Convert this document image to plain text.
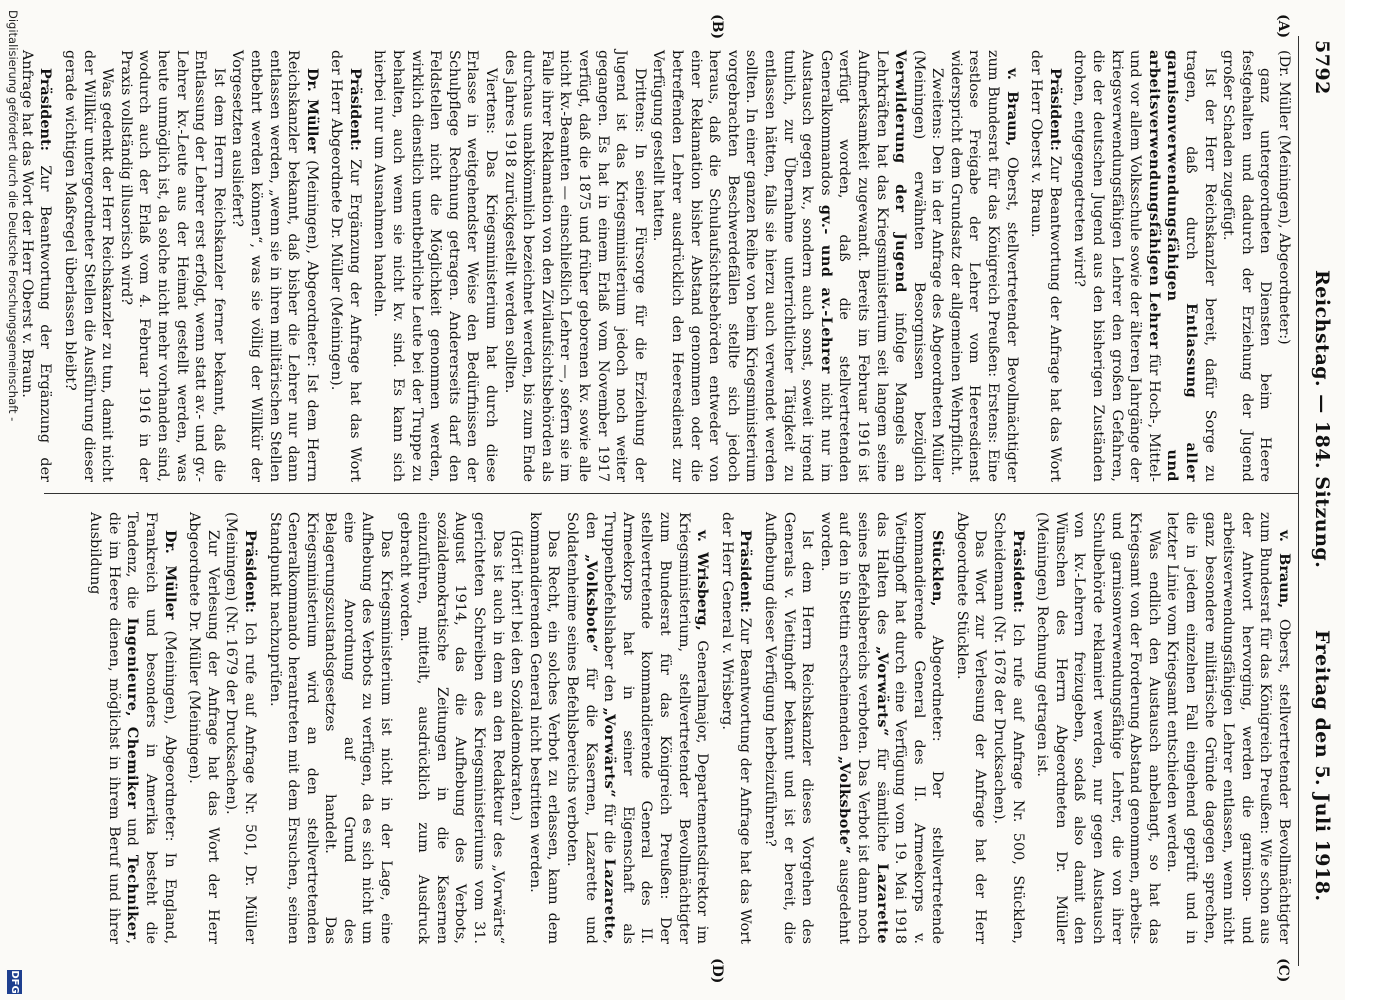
5792
Reichstag. — 184. Sitzung.
Freitag den 5. Juli 1918.
(A)
(B)
(C)
(D)

(Dr. Müller (Meiningen), Abgeordneter:)

ganz untergeordneten Diensten beim Heere festgehalten und dadurch der Erziehung der Jugend großer Schaden zugefügt.

Ist der Herr Reichskanzler bereit, dafür Sorge zu tragen, daß durch Entlassung aller garnisonverwendungsfähigen und arbeitsverwendungsfähigen Lehrer für Hoch-, Mittel- und vor allem Volksschule sowie der älteren Jahrgänge der kriegsverwendungsfähigen Lehrer den großen Gefahren, die der deutschen Jugend aus den bisherigen Zuständen drohen, entgegengetreten wird?

Präsident: Zur Beantwortung der Anfrage hat das Wort der Herr Oberst v. Braun.

v. Braun, Oberst, stellvertretender Bevollmächtigter zum Bundesrat für das Königreich Preußen: Erstens: Eine restlose Freigabe der Lehrer vom Heeresdienst widerspricht dem Grundsatz der allgemeinen Wehrpflicht.

Zweitens: Den in der Anfrage des Abgeordneten Müller (Meiningen) erwähnten Besorgnissen bezüglich Verwilderung der Jugend infolge Mangels an Lehrkräften hat das Kriegsministerium seit langem seine Aufmerksamkeit zugewandt. Bereits im Februar 1916 ist verfügt worden, daß die stellvertretenden Generalkommandos gv.- und av.-Lehrer nicht nur im Austausch gegen kv., sondern auch sonst, soweit irgend tunlich, zur Übernahme unterrichtlicher Tätigkeit zu entlassen hätten, falls sie hierzu auch verwendet werden sollten. In einer ganzen Reihe von beim Kriegsministerium vorgebrachten Beschwerdefällen stellte sich jedoch heraus, daß die Schulaufsichtsbehörden entweder von einer Reklamation bisher Abstand genommen oder die betreffenden Lehrer ausdrücklich den Heeresdienst zur Verfügung gestellt hatten.

Drittens: In seiner Fürsorge für die Erziehung der Jugend ist das Kriegsministerium jedoch noch weiter gegangen. Es hat in einem Erlaß vom November 1917 verfügt, daß die 1875 und früher geborenen kv. sowie alle nicht kv.-Beamten — einschließlich Lehrer —, sofern sie im Falle ihrer Reklamation von den Zivilaufsichtsbehörden als durchaus unabkömmlich bezeichnet werden, bis zum Ende des Jahres 1918 zurückgestellt werden sollten.

Viertens: Das Kriegsministerium hat durch diese Erlasse in weitgehendster Weise den Bedürfnissen der Schulpflege Rechnung getragen. Andererseits darf den Feldstellen nicht die Möglichkeit genommen werden, wirklich dienstlich unentbehrliche Leute bei der Truppe zu behalten, auch wenn sie nicht kv. sind. Es kann sich hierbei nur um Ausnahmen handeln.

Präsident: Zur Ergänzung der Anfrage hat das Wort der Herr Abgeordnete Dr. Müller (Meiningen).

Dr. Müller (Meiningen), Abgeordneter: Ist dem Herrn Reichskanzler bekannt, daß bisher die Lehrer nur dann entlassen werden, „wenn sie in ihren militärischen Stellen entbehrt werden können“, was sie völlig der Willkür der Vorgesetzten ausliefert?

Ist dem Herrn Reichskanzler ferner bekannt, daß die Entlassung der Lehrer erst erfolgt, wenn statt av.- und gv.-Lehrer kv.-Leute aus der Heimat gestellt werden, was heute unmöglich ist, da solche nicht mehr vorhanden sind, wodurch auch der Erlaß vom 4. Februar 1916 in der Praxis vollständig illusorisch wird?

Was gedenkt der Herr Reichskanzler zu tun, damit nicht der Willkür untergeordneter Stellen die Ausführung dieser gerade wichtigen Maßregel überlassen bleibt?

Präsident: Zur Beantwortung der Ergänzung der Anfrage hat das Wort der Herr Oberst v. Braun.

v. Braun, Oberst, stellvertretender Bevollmächtigter zum Bundesrat für das Königreich Preußen: Wie schon aus der Antwort hervorging, werden die garnison- und arbeitsverwendungsfähigen Lehrer entlassen, wenn nicht ganz besondere militärische Gründe dagegen sprechen, die in jedem einzelnen Fall eingehend geprüft und in letzter Linie vom Kriegsamt entschieden werden.

Was endlich den Austausch anbelangt, so hat das Kriegsamt von der Forderung Abstand genommen, arbeits- und garnisonverwendungsfähige Lehrer, die von ihrer Schulbehörde reklamiert werden, nur gegen Austausch von kv.-Lehrern freizugeben, sodaß also damit den Wünschen des Herrn Abgeordneten Dr. Müller (Meiningen) Rechnung getragen ist.

Präsident: Ich rufe auf Anfrage Nr. 500, Stücklen, Scheidemann (Nr. 1678 der Drucksachen).

Das Wort zur Verlesung der Anfrage hat der Herr Abgeordnete Stücklen.

Stücklen, Abgeordneter: Der stellvertretende kommandierende General des II. Armeekorps v. Vietinghoff hat durch eine Verfügung vom 19. Mai 1918 das Halten des „Vorwärts“ für sämtliche Lazarette seines Befehlsbereichs verboten. Das Verbot ist dann noch auf den in Stettin erscheinenden „Volksbote“ ausgedehnt worden.

Ist dem Herrn Reichskanzler dieses Vorgehen des Generals v. Vietinghoff bekannt und ist er bereit, die Aufhebung dieser Verfügung herbeizuführen?

Präsident: Zur Beantwortung der Anfrage hat das Wort der Herr General v. Wrisberg.

v. Wrisberg, Generalmajor, Departementsdirektor im Kriegsministerium, stellvertretender Bevollmächtigter zum Bundesrat für das Königreich Preußen: Der stellvertretende kommandierende General des II. Armeekorps hat in seiner Eigenschaft als Truppenbefehlshaber den „Vorwärts“ für die Lazarette, den „Volksbote“ für die Kasernen, Lazarette und Soldatenheime seines Befehlsbereichs verboten.

Das Recht, ein solches Verbot zu erlassen, kann dem kommandierenden General nicht bestritten werden.

(Hört! hört! bei den Sozialdemokraten.)

Das ist auch in dem an den Redakteur des „Vorwärts“ gerichteten Schreiben des Kriegsministeriums vom 31. August 1914, das die Aufhebung des Verbots, sozialdemokratische Zeitungen in die Kasernen einzuführen, mitteilt, ausdrücklich zum Ausdruck gebracht worden.

Das Kriegsministerium ist nicht in der Lage, eine Aufhebung des Verbots zu verfügen, da es sich nicht um eine Anordnung auf Grund des Belagerungszustandsgesetzes handelt. Das Kriegsministerium wird an den stellvertretenden Generalkommando herantreten mit dem Ersuchen, seinen Standpunkt nachzuprüfen.

Präsident: Ich rufe auf Anfrage Nr. 501, Dr. Müller (Meiningen) (Nr. 1679 der Drucksachen).

Zur Verlesung der Anfrage hat das Wort der Herr Abgeordnete Dr. Müller (Meiningen).

Dr. Müller (Meiningen), Abgeordneter: In England, Frankreich und besonders in Amerika besteht die Tendenz, die Ingenieure, Chemiker und Techniker, die im Heere dienen, möglichst in ihrem Beruf und ihrer Ausbildung

Digitalisierung gefördert durch die Deutsche Forschungsgemeinschaft -
DFG
